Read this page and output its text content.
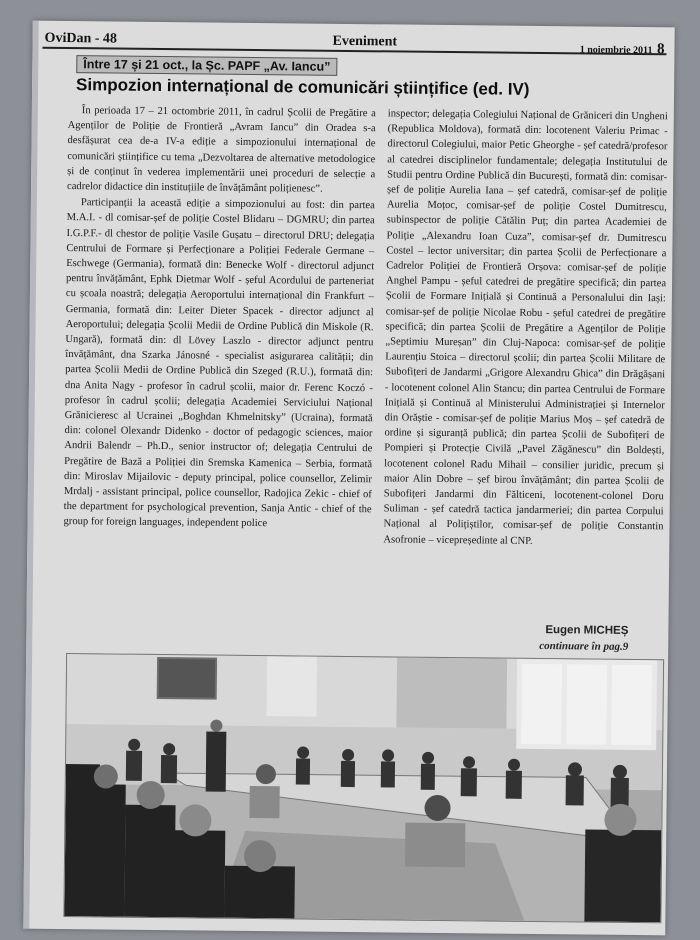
OviDan - 48	Eveniment
1 noiembrie 2011 8
Între 17 și 21 oct., la Șc. PAPF „Av. Iancu”
Simpozion internațional de comunicări științifice (ed. IV)

În perioada 17 – 21 octombrie 2011, în cadrul Școlii de Pregătire a Agenților de Poliție de Frontieră „Avram Iancu” din Oradea s-a desfășurat cea de-a IV-a ediție a simpozionului internațional de comunicări științifice cu tema „Dezvoltarea de alternative metodologice și de conținut în vederea implementării unei proceduri de selecție a cadrelor didactice din instituțiile de învățământ polițienesc”.

Participanții la această ediție a simpozionului au fost: din partea M.A.I. - dl comisar-șef de poliție Costel Blidaru – DGMRU; din partea I.G.P.F.- dl chestor de poliție Vasile Gușatu – directorul DRU; delegația Centrului de Formare și Perfecționare a Poliției Federale Germane – Eschwege (Germania), formată din: Benecke Wolf - directorul adjunct pentru învățământ, Ephk Dietmar Wolf - șeful Acordului de parteneriat cu școala noastră; delegația Aeroportului internațional din Frankfurt – Germania, formată din: Leiter Dieter Spacek - director adjunct al Aeroportului; delegația Școlii Medii de Ordine Publică din Miskole (R. Ungară), formată din: dl Lövey Laszlo - director adjunct pentru învățământ, dna Szarka Jánosné - specialist asigurarea calității; din partea Școlii Medii de Ordine Publică din Szeged (R.U.), formată din: dna Anita Nagy - profesor în cadrul școlii, maior dr. Ferenc Koczó - profesor în cadrul școlii; delegația Academiei Serviciului Național Grănicieresc al Ucrainei „Boghdan Khmelnitsky” (Ucraina), formată din: colonel Olexandr Didenko - doctor of pedagogic sciences, maior Andrii Balendr – Ph.D., senior instructor of; delegația Centrului de Pregătire de Bază a Poliției din Sremska Kamenica – Serbia, formată din: Miroslav Mijailovic - deputy principal, police counsellor, Zelimir Mrdalj - assistant principal, police counsellor, Radojica Zekic - chief of the department for psychological prevention, Sanja Antic - chief of the group for foreign languages, independent police

inspector; delegația Colegiului Național de Grăniceri din Ungheni (Republica Moldova), formată din: locotenent Valeriu Primac - directorul Colegiului, maior Petic Gheorghe - șef catedră/profesor al catedrei disciplinelor fundamentale; delegația Institutului de Studii pentru Ordine Publică din București, formată din: comisar-șef de poliție Aurelia Iana – șef catedră, comisar-șef de poliție Aurelia Moțoc, comisar-șef de poliție Costel Dumitrescu, subinspector de poliție Cătălin Puț; din partea Academiei de Poliție „Alexandru Ioan Cuza”, comisar-șef dr. Dumitrescu Costel – lector universitar; din partea Școlii de Perfecționare a Cadrelor Poliției de Frontieră Orșova: comisar-șef de poliție Anghel Pampu - șeful catedrei de pregătire specifică; din partea Școlii de Formare Inițială și Continuă a Personalului din Iași: comisar-șef de poliție Nicolae Robu - șeful catedrei de pregătire specifică; din partea Școlii de Pregătire a Agenților de Poliție „Septimiu Mureșan” din Cluj-Napoca: comisar-șef de poliție Laurențiu Stoica – directorul școlii; din partea Școlii Militare de Subofițeri de Jandarmi „Grigore Alexandru Ghica” din Drăgășani - locotenent colonel Alin Stancu; din partea Centrului de Formare Inițială și Continuă al Ministerului Administrației și Internelor din Orăștie - comisar-șef de poliție Marius Moș – șef catedră de ordine și siguranță publică; din partea Școlii de Subofițeri de Pompieri și Protecție Civilă „Pavel Zăgănescu” din Boldești, locotenent colonel Radu Mihail – consilier juridic, precum și maior Alin Dobre – șef birou învățământ; din partea Școlii de Subofițeri Jandarmi din Fălticeni, locotenent-colonel Doru Suliman - șef catedră tactica jandarmeriei; din partea Corpului Național al Polițiștilor, comisar-șef de poliție Constantin Asofronie – vicepreședinte al CNP.

Eugen MICHEȘ
continuare în pag.9
